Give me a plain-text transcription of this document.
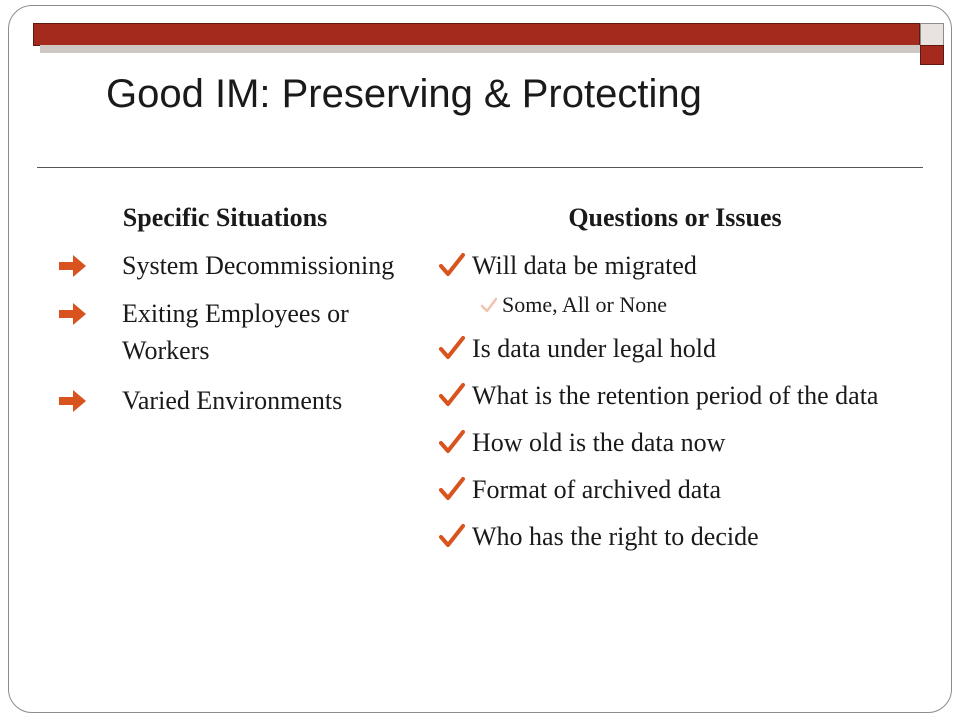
Good IM: Preserving & Protecting
Specific Situations	Questions or Issues
System Decommissioning
Exiting Employees or Workers
Varied Environments
Will data be migrated
Some, All or None
Is data under legal hold
What is the retention period of the data
How old is the data now
Format of archived data
Who has the right to decide
